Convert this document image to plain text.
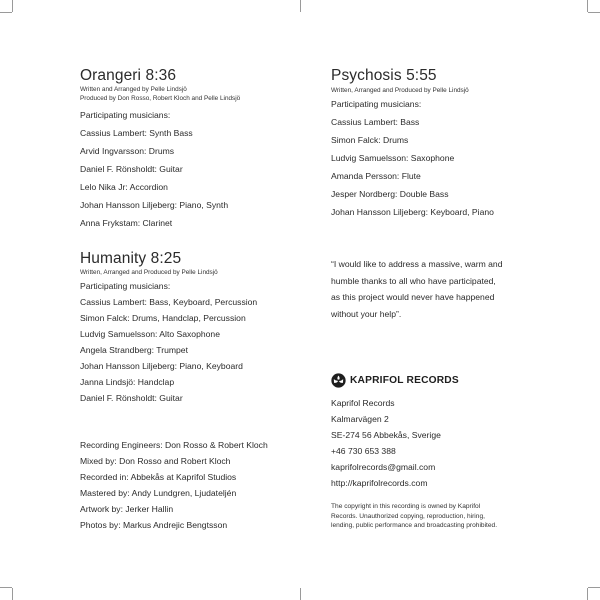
Orangeri 8:36
Written and Arranged by Pelle Lindsjö
Produced by Don Rosso, Robert Kloch and Pelle Lindsjö
Participating musicians:
Cassius Lambert: Synth Bass
Arvid Ingvarsson: Drums
Daniel F. Rönsholdt: Guitar
Lelo Nika Jr: Accordion
Johan Hansson Liljeberg: Piano, Synth
Anna Frykstam: Clarinet
Psychosis 5:55
Written, Arranged and Produced by Pelle Lindsjö
Participating musicians:
Cassius Lambert: Bass
Simon Falck: Drums
Ludvig Samuelsson: Saxophone
Amanda Persson: Flute
Jesper Nordberg: Double Bass
Johan Hansson Liljeberg: Keyboard, Piano
Humanity 8:25
Written, Arranged and Produced by Pelle Lindsjö
Participating musicians:
Cassius Lambert: Bass, Keyboard, Percussion
Simon Falck: Drums, Handclap, Percussion
Ludvig Samuelsson: Alto Saxophone
Angela Strandberg: Trumpet
Johan Hansson Liljeberg: Piano, Keyboard
Janna Lindsjö: Handclap
Daniel F. Rönsholdt: Guitar
“I would like to address a massive, warm and
humble thanks to all who have participated,
as this project would never have happened
without your help”.
KAPRIFOL RECORDS
Kaprifol Records
Kalmarvägen 2
SE-274 56 Abbekås, Sverige
+46 730 653 388
kaprifolrecords@gmail.com
http://kaprifolrecords.com
Recording Engineers: Don Rosso & Robert Kloch
Mixed by: Don Rosso and Robert Kloch
Recorded in: Abbekås at Kaprifol Studios
Mastered by: Andy Lundgren, Ljudateljén
Artwork by: Jerker Hallin
Photos by: Markus Andrejic Bengtsson
The copyright in this recording is owned by Kaprifol
Records. Unauthorized copying, reproduction, hiring,
lending, public performance and broadcasting prohibited.
